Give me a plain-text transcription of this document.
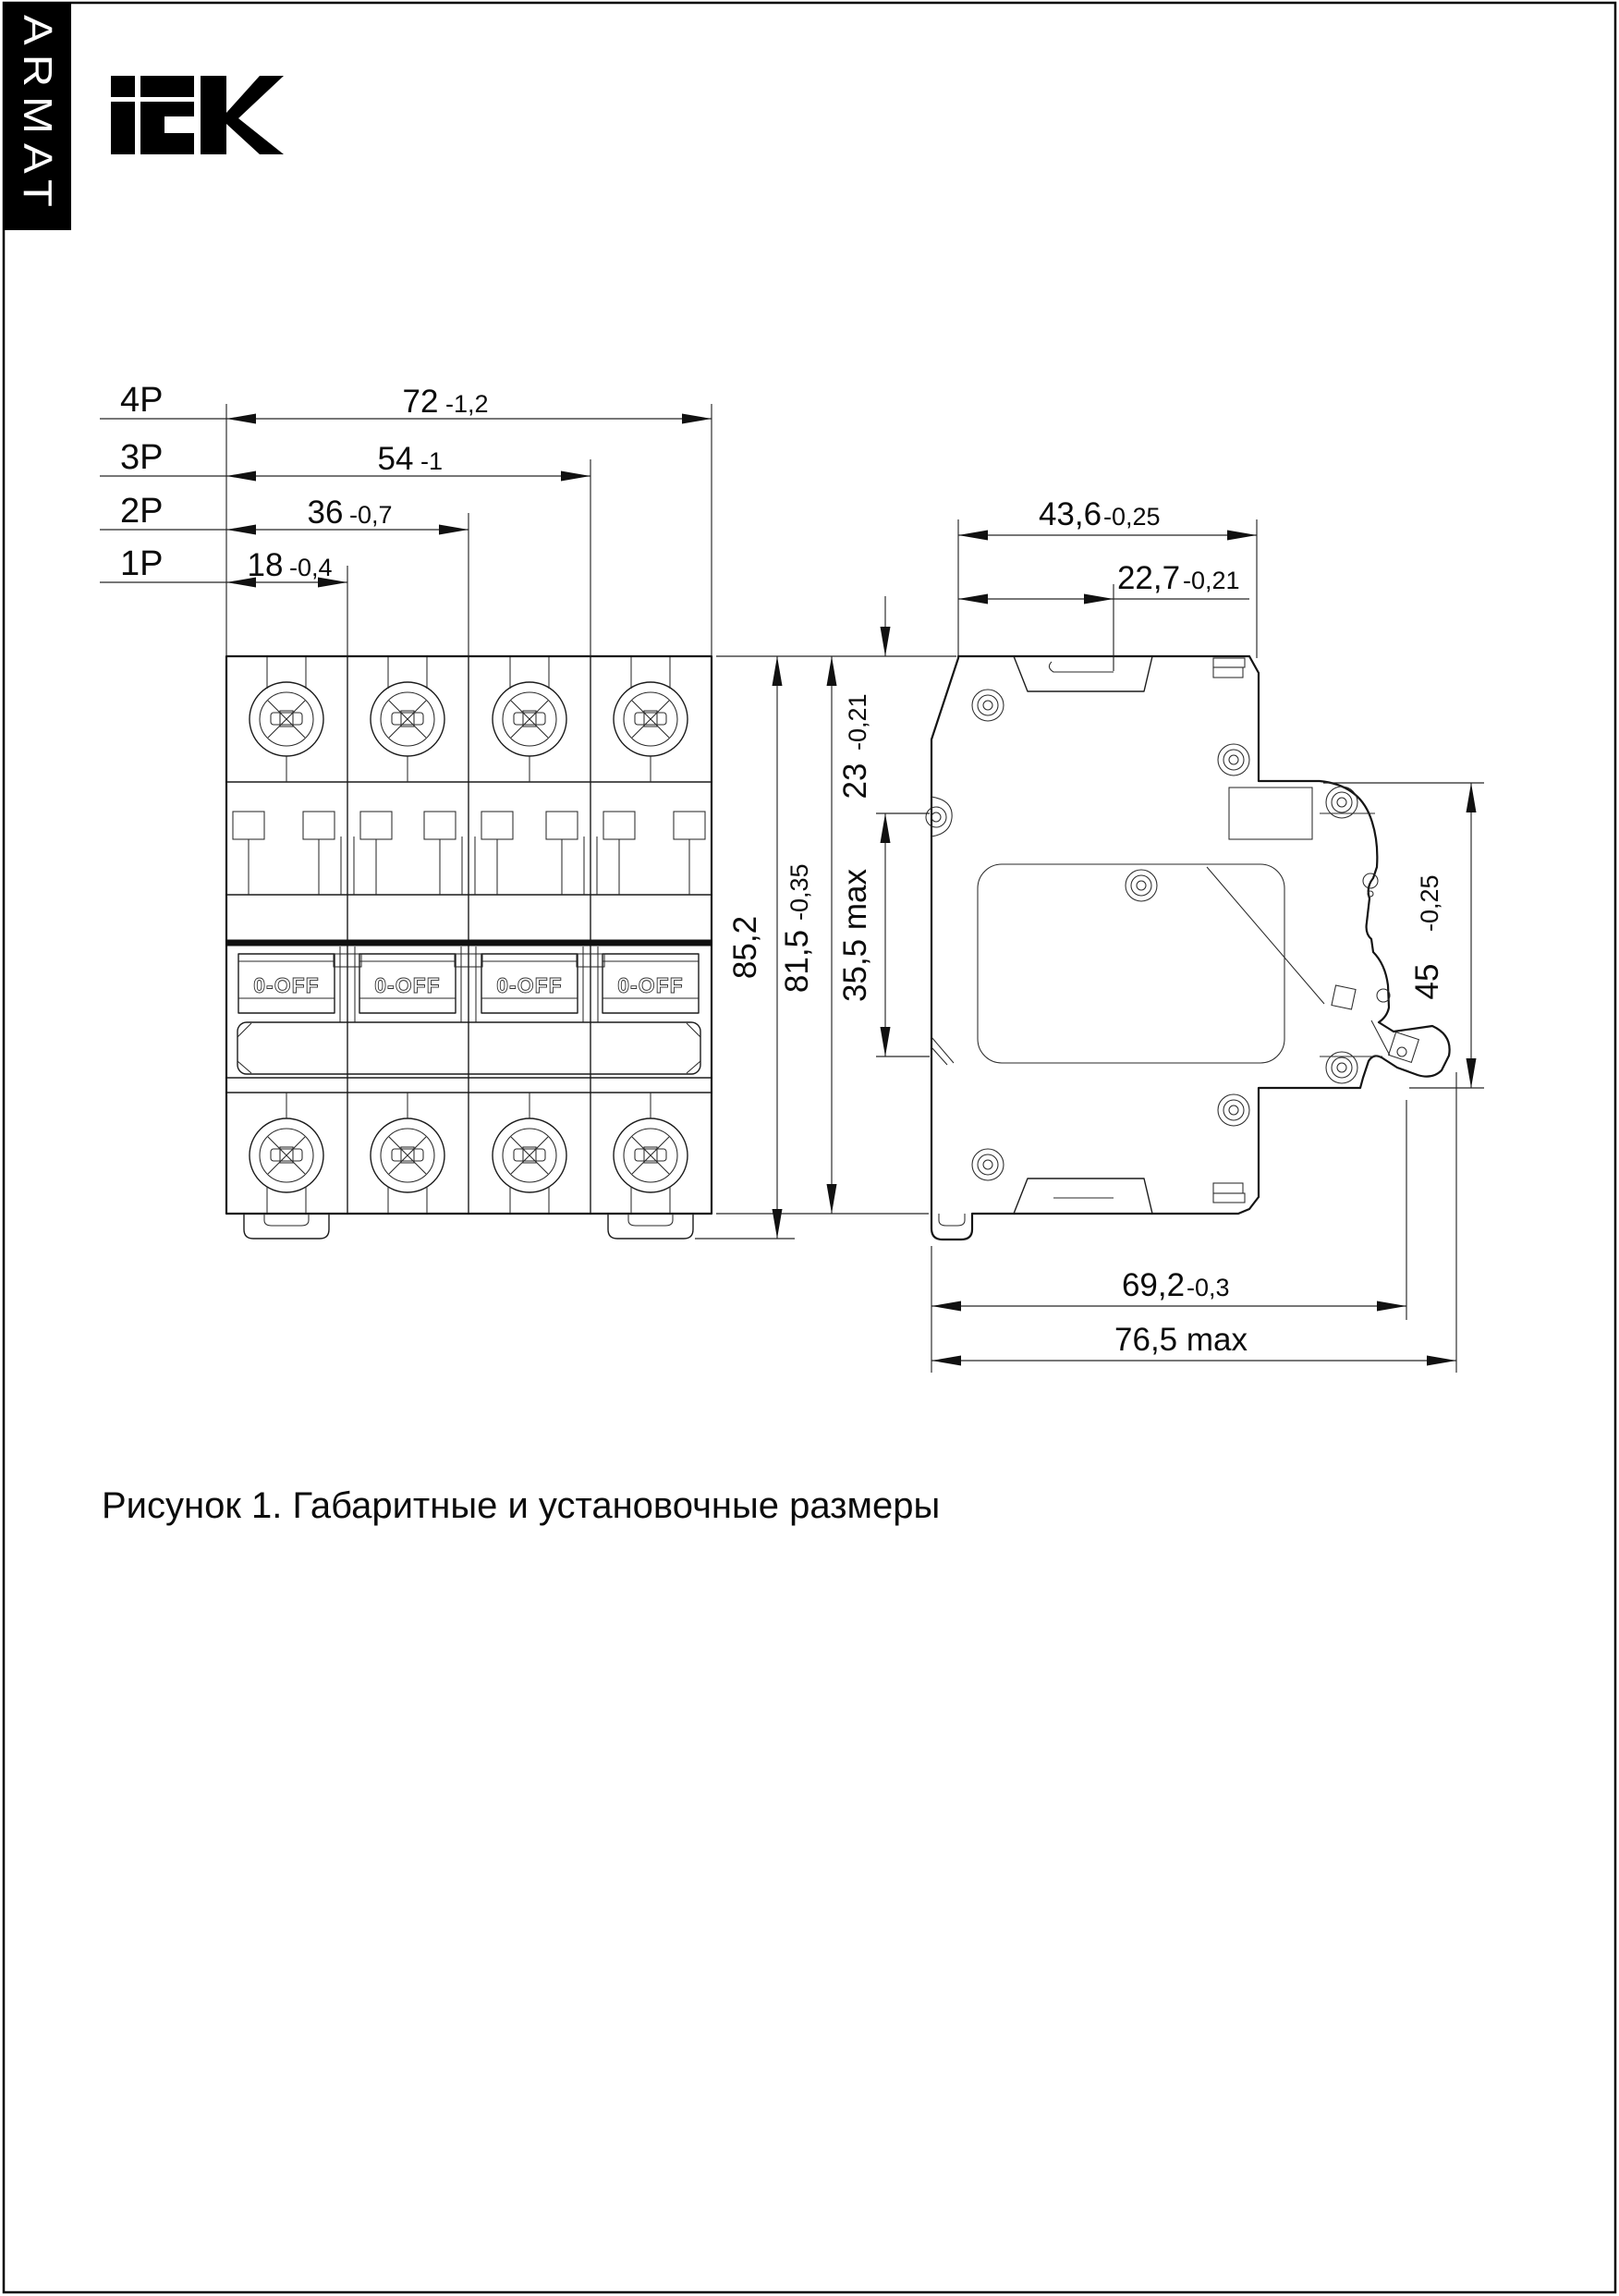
ARMAT
0-OFF	0-OFF	0-OFF	0-OFF
4P	72 -1,2
3P	54 -1
2P	36 -0,7
1P	18 -0,4
43,6 -0,25
22,7 -0,21
85,2 81,5
-0,35
23
-0,21
35,5 max	45
-0,25
69,2 -0,3
76,5 max
Рисунок 1. Габаритные и установочные размеры
